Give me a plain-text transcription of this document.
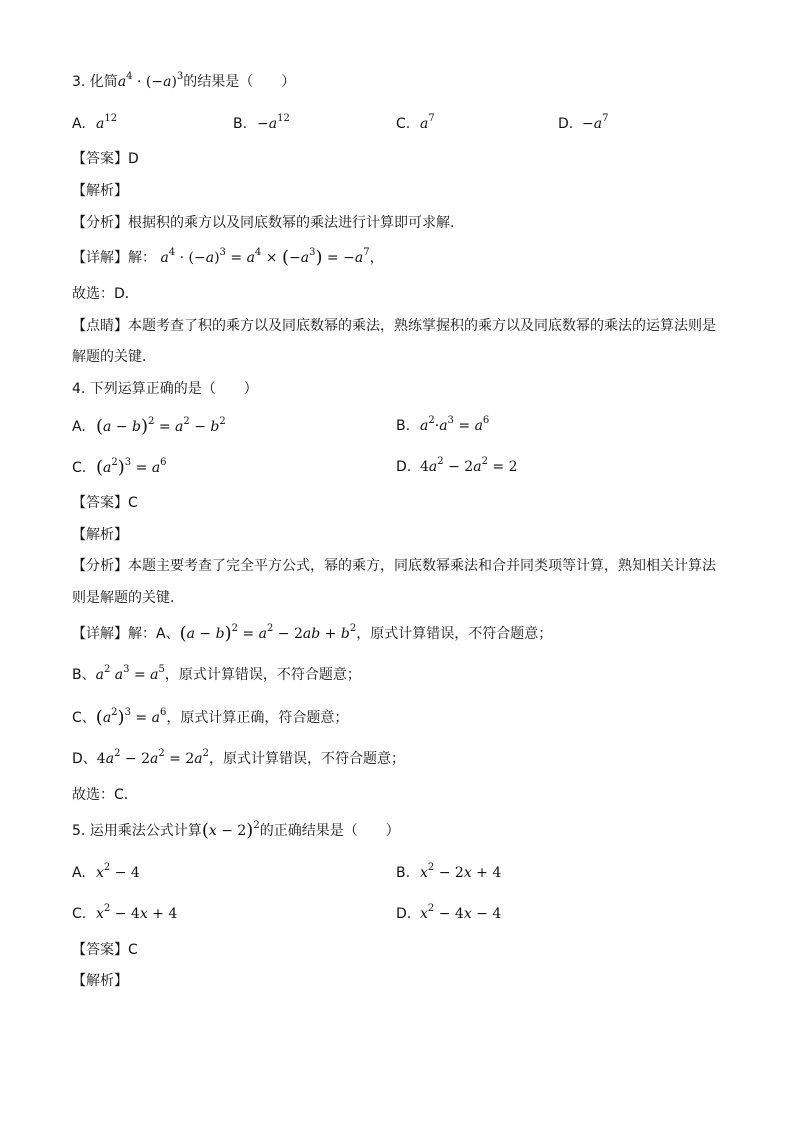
3. 化简$a^4 \cdot (-a)^3$的结果是（　　）
A. $a^{12}$	B. $-a^{12}$	C. $a^7$	D. $-a^7$
【答案】D
【解析】
【分析】根据积的乘方以及同底数幂的乘法进行计算即可求解．
【详解】解： $a^4 \cdot (-a)^3 = a^4 \times (-a^3) = -a^7$，
故选：D．
【点睛】本题考查了积的乘方以及同底数幂的乘法，熟练掌握积的乘方以及同底数幂的乘法的运算法则是
解题的关键．
4. 下列运算正确的是（　　）
A. $(a - b)^2 = a^2 - b^2$	B. $a^2\cdot a^3 = a^6$
C. $(a^2)^3 = a^6$	D. $4a^2 - 2a^2 = 2$
【答案】C
【解析】
【分析】本题主要考查了完全平方公式，幂的乘方，同底数幂乘法和合并同类项等计算，熟知相关计算法
则是解题的关键．
【详解】解：A、$(a - b)^2 = a^2 - 2ab + b^2$，原式计算错误，不符合题意；
B、$a^2$ $a^3 = a^5$，原式计算错误，不符合题意；
C、$(a^2)^3 = a^6$，原式计算正确，符合题意；
D、$4a^2 - 2a^2 = 2a^2$，原式计算错误，不符合题意；
故选：C．
5. 运用乘法公式计算$(x - 2)^2$的正确结果是（　　）
A. $x^2 - 4$	B. $x^2 - 2x + 4$
C. $x^2 - 4x + 4$	D. $x^2 - 4x - 4$
【答案】C
【解析】
